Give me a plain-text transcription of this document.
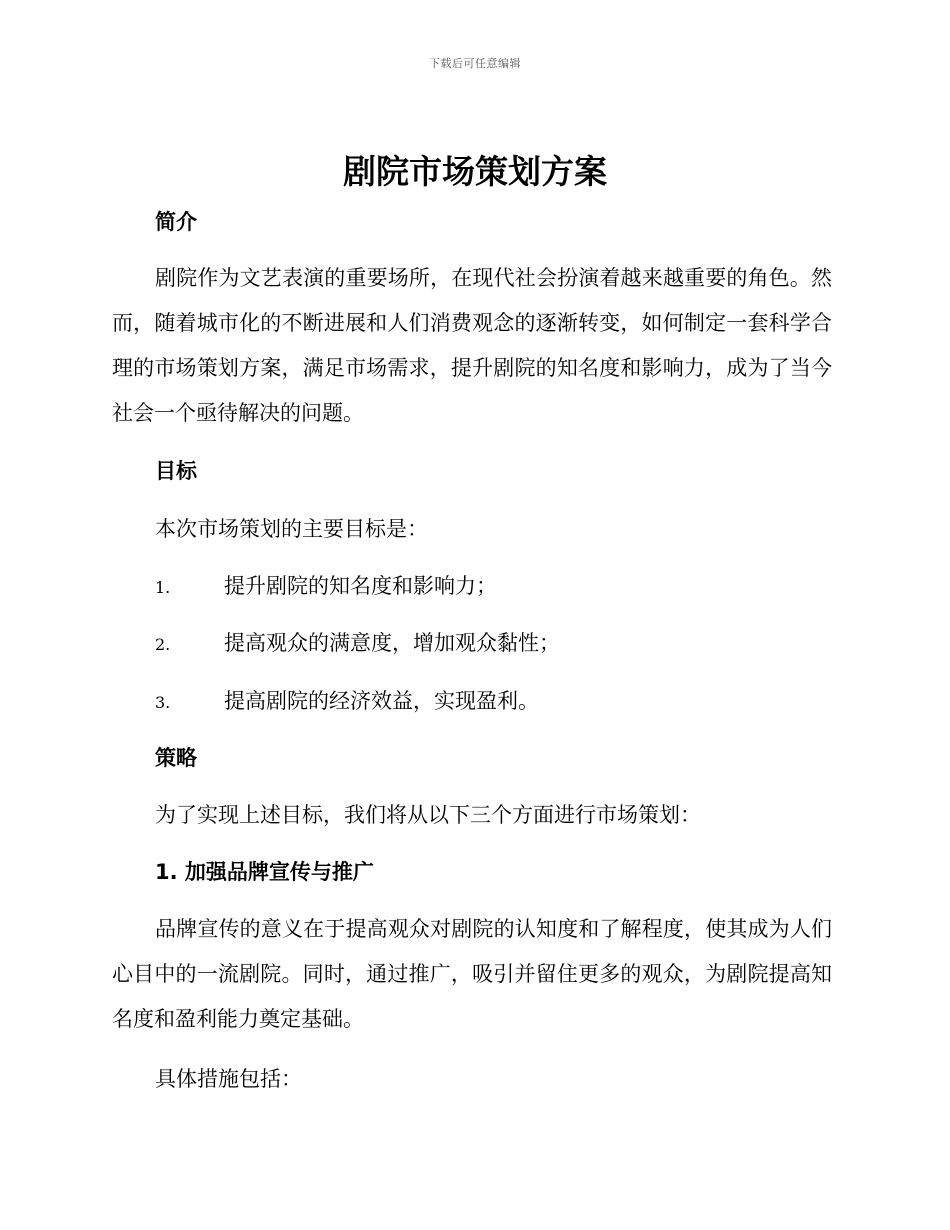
下载后可任意编辑
剧院市场策划方案
简介

剧院作为文艺表演的重要场所，在现代社会扮演着越来越重要的角色。然而，随着城市化的不断进展和人们消费观念的逐渐转变，如何制定一套科学合理的市场策划方案，满足市场需求，提升剧院的知名度和影响力，成为了当今社会一个亟待解决的问题。

目标

本次市场策划的主要目标是：

1.	提升剧院的知名度和影响力；
2.	提高观众的满意度，增加观众黏性；
3.	提高剧院的经济效益，实现盈利。
策略

为了实现上述目标，我们将从以下三个方面进行市场策划：

1. 加强品牌宣传与推广

品牌宣传的意义在于提高观众对剧院的认知度和了解程度，使其成为人们心目中的一流剧院。同时，通过推广，吸引并留住更多的观众，为剧院提高知名度和盈利能力奠定基础。

具体措施包括：
